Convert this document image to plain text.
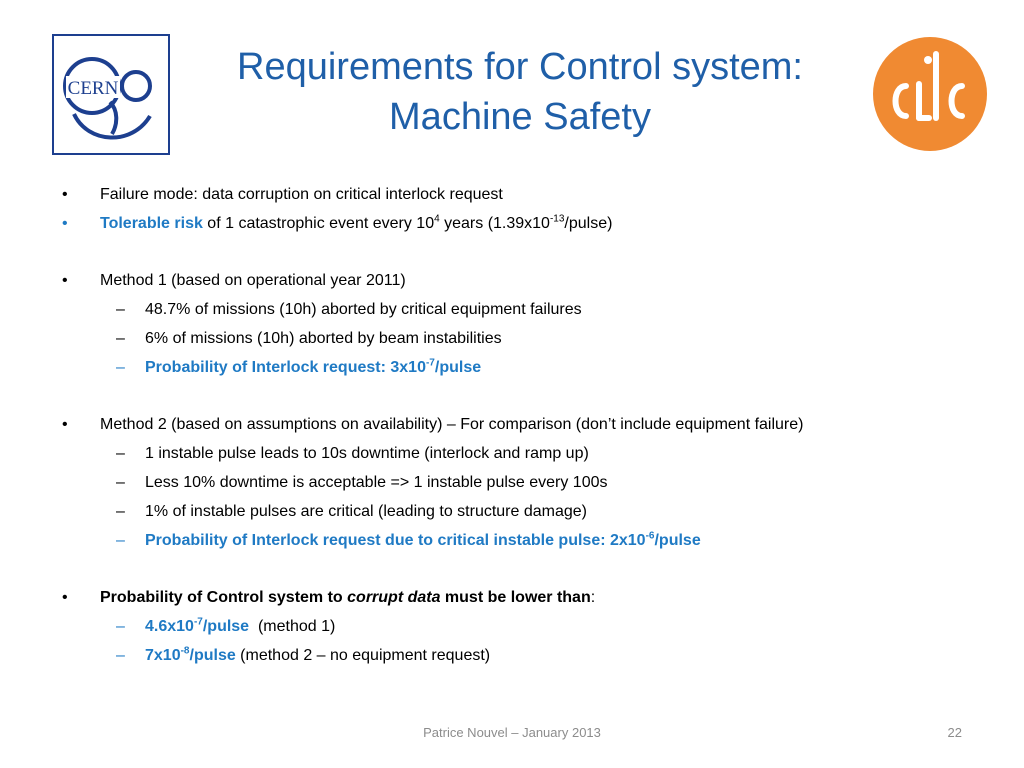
CERN
Requirements for Control system:
Machine Safety
• Failure mode: data corruption on critical interlock request
• Tolerable risk of 1 catastrophic event every $10^4$ years $(1.39x10^{-13}/pulse)$
• Method 1 (based on operational year 2011)
– 48.7% of missions (10h) aborted by critical equipment failures
– 6% of missions (10h) aborted by beam instabilities
– Probability of Interlock request: $3x10^{-7}$/pulse
• Method 2 (based on assumptions on availability) – For comparison (don’t include equipment failure)
– 1 instable pulse leads to 10s downtime (interlock and ramp up)
– Less 10% downtime is acceptable => 1 instable pulse every 100s
– 1% of instable pulses are critical (leading to structure damage)
– Probability of Interlock request due to critical instable pulse: $2x10^{-6}$/pulse
• Probability of Control system to corrupt data must be lower than:
– $4.6x10^{-7}$/pulse  (method 1)
– $7x10^{-8}$/pulse (method 2 – no equipment request)
Patrice Nouvel – January 2013	22
